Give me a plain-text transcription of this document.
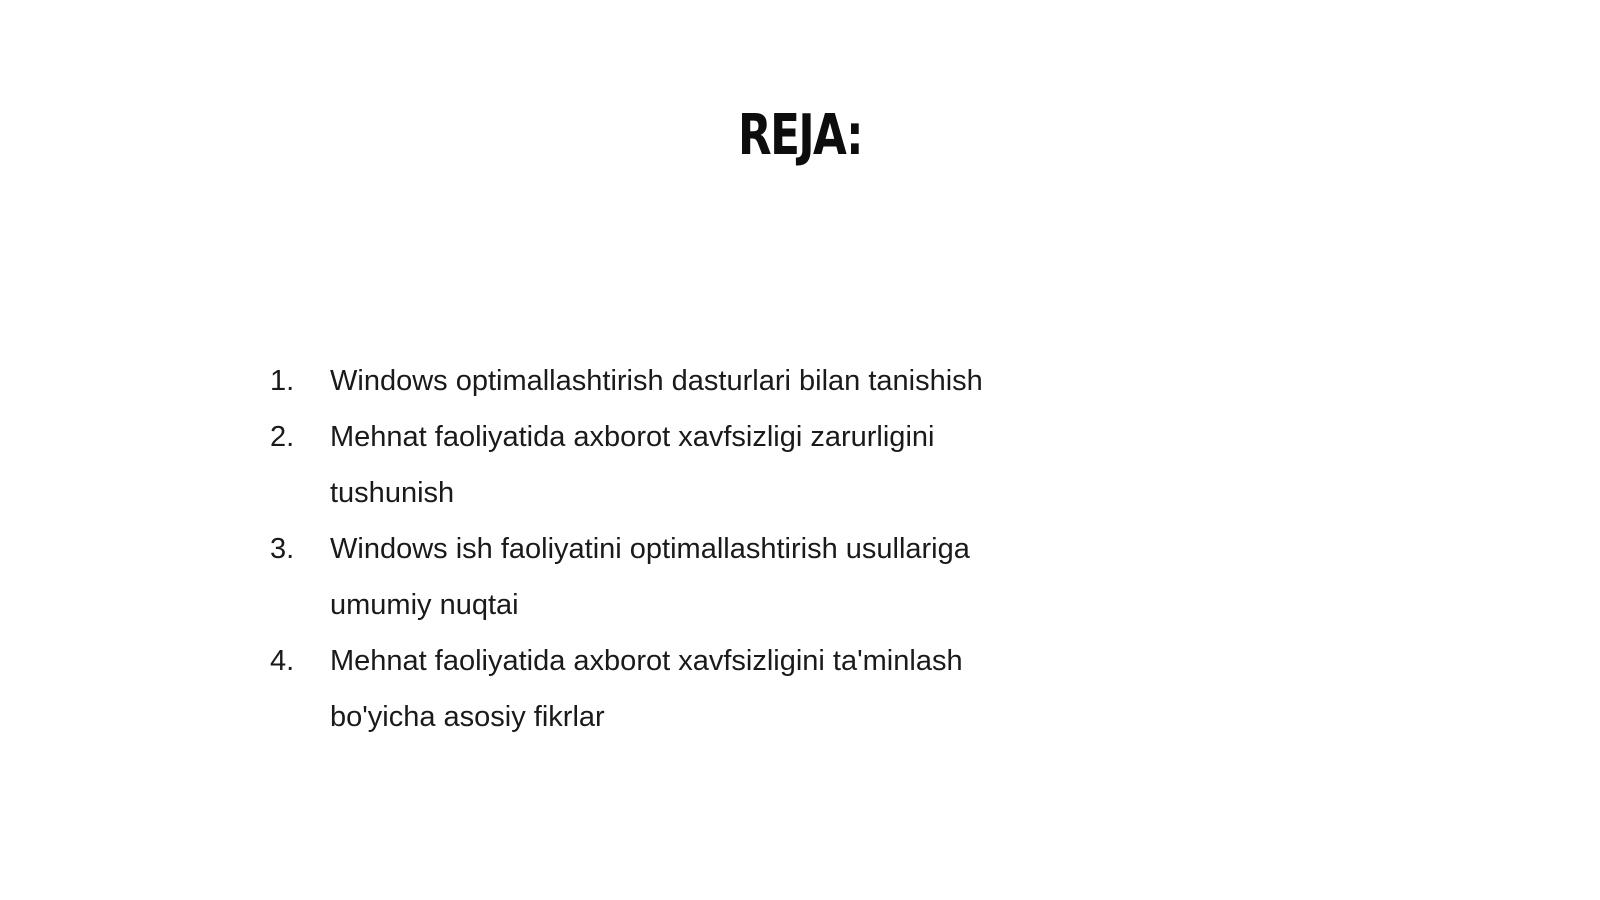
REJA:
1.	Windows optimallashtirish dasturlari bilan tanishish
2.	Mehnat faoliyatida axborot xavfsizligi zarurligini tushunish
3.	Windows ish faoliyatini optimallashtirish usullariga umumiy nuqtai
4.	Mehnat faoliyatida axborot xavfsizligini ta'minlash bo'yicha asosiy fikrlar
